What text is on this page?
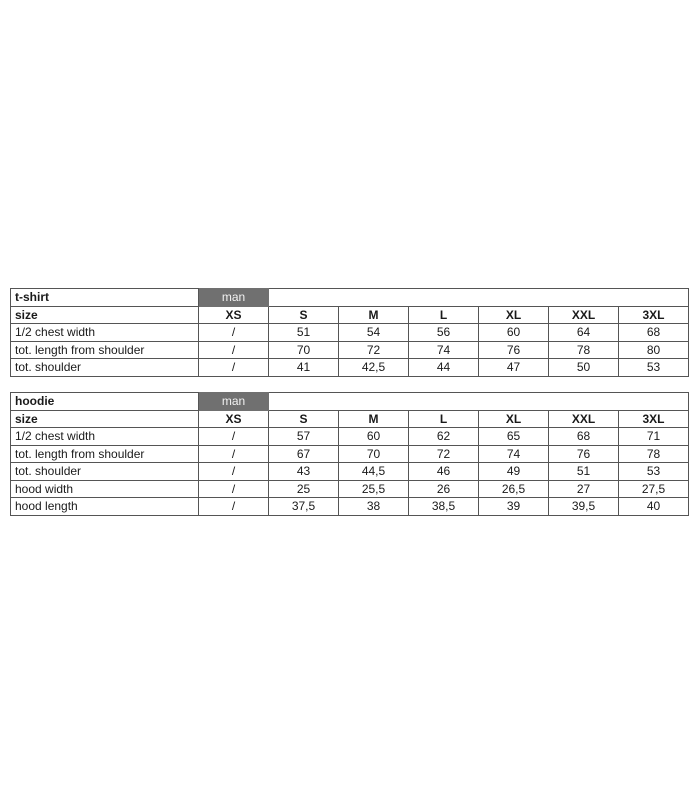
t-shirt	man						
size	XS	S	M	L	XL	XXL	3XL
1/2 chest width	/	51	54	56	60	64	68
tot. length from shoulder	/	70	72	74	76	78	80
tot. shoulder	/	41	42,5	44	47	50	53
hoodie	man						
size	XS	S	M	L	XL	XXL	3XL
1/2 chest width	/	57	60	62	65	68	71
tot. length from shoulder	/	67	70	72	74	76	78
tot. shoulder	/	43	44,5	46	49	51	53
hood width	/	25	25,5	26	26,5	27	27,5
hood length	/	37,5	38	38,5	39	39,5	40
